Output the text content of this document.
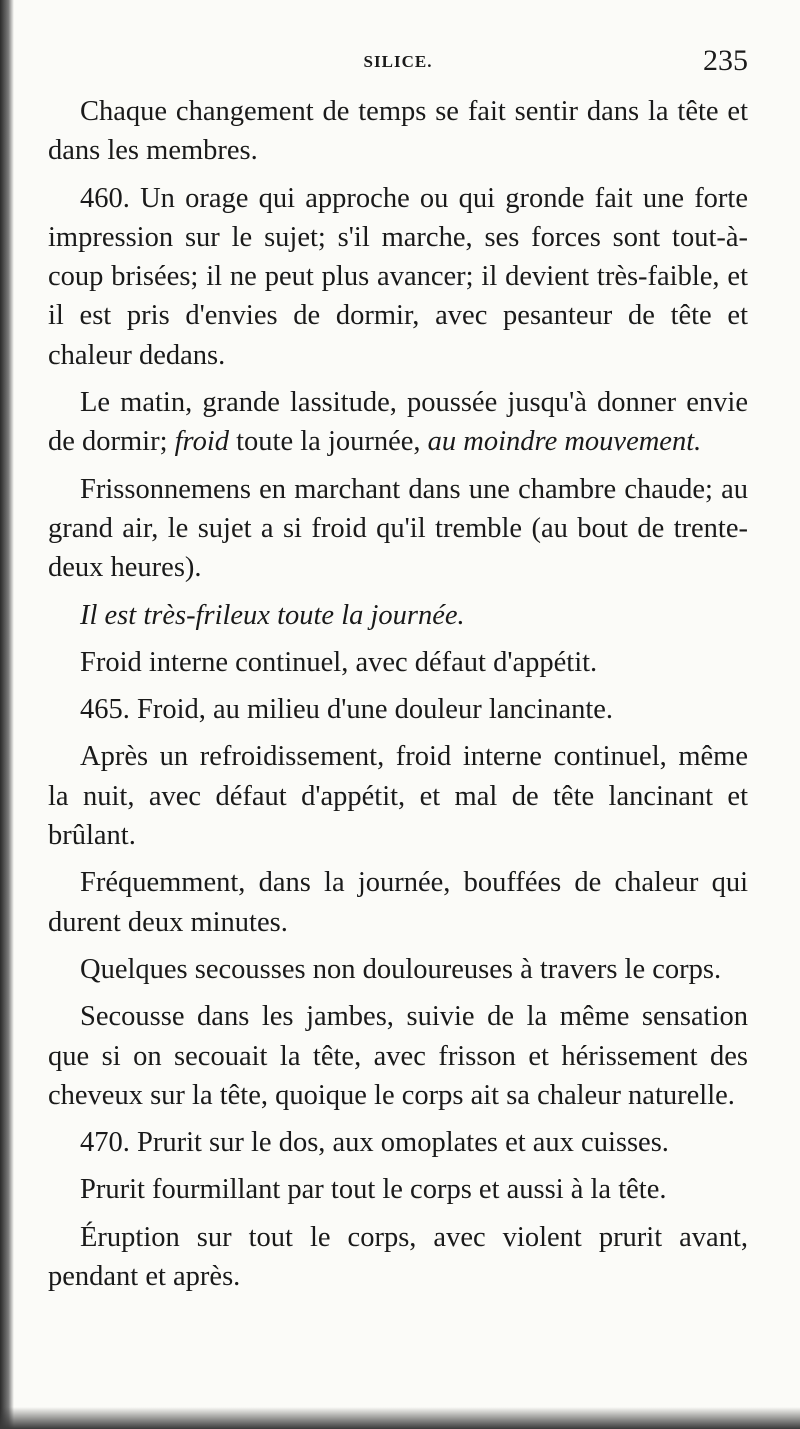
SILICE.	235

Chaque changement de temps se fait sentir dans la tête et dans les membres.

460. Un orage qui approche ou qui gronde fait une forte impression sur le sujet; s'il marche, ses forces sont tout-à-coup brisées; il ne peut plus avancer; il devient très-faible, et il est pris d'envies de dormir, avec pesanteur de tête et chaleur dedans.

Le matin, grande lassitude, poussée jusqu'à donner envie de dormir; froid toute la journée, au moindre mouvement.

Frissonnemens en marchant dans une chambre chaude; au grand air, le sujet a si froid qu'il tremble (au bout de trente-deux heures).

Il est très-frileux toute la journée.

Froid interne continuel, avec défaut d'appétit.

465. Froid, au milieu d'une douleur lancinante.

Après un refroidissement, froid interne continuel, même la nuit, avec défaut d'appétit, et mal de tête lancinant et brûlant.

Fréquemment, dans la journée, bouffées de chaleur qui durent deux minutes.

Quelques secousses non douloureuses à travers le corps.

Secousse dans les jambes, suivie de la même sensation que si on secouait la tête, avec frisson et hérissement des cheveux sur la tête, quoique le corps ait sa chaleur naturelle.

470. Prurit sur le dos, aux omoplates et aux cuisses.

Prurit fourmillant par tout le corps et aussi à la tête.

Éruption sur tout le corps, avec violent prurit avant, pendant et après.
